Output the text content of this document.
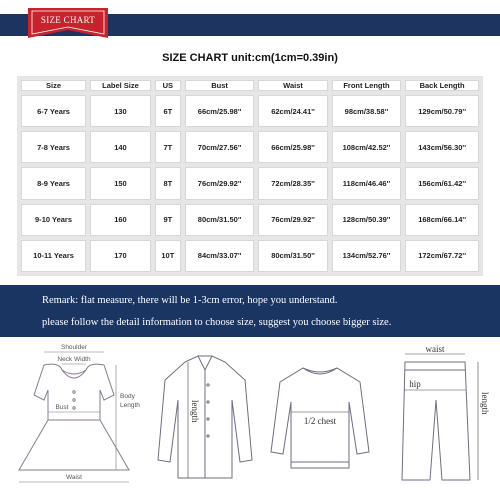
SIZE CHART
SIZE CHART unit:cm(1cm=0.39in)
Size	Label Size	US	Bust	Waist	Front Length	Back Length
6-7 Years	130	6T	66cm/25.98''	62cm/24.41''	98cm/38.58''	129cm/50.79''
7-8 Years	140	7T	70cm/27.56''	66cm/25.98''	108cm/42.52''	143cm/56.30''
8-9 Years	150	8T	76cm/29.92''	72cm/28.35''	118cm/46.46''	156cm/61.42''
9-10 Years	160	9T	80cm/31.50''	76cm/29.92''	128cm/50.39''	168cm/66.14''
10-11 Years	170	10T	84cm/33.07''	80cm/31.50''	134cm/52.76''	172cm/67.72''
Remark: flat measure, there will be 1-3cm error, hope you understand.
please follow the detail information to choose size, suggest you choose bigger size.
Shoulder
Neck Width
Bust
Waist
Body
Length	length	1/2 chest
waist
hip
length
